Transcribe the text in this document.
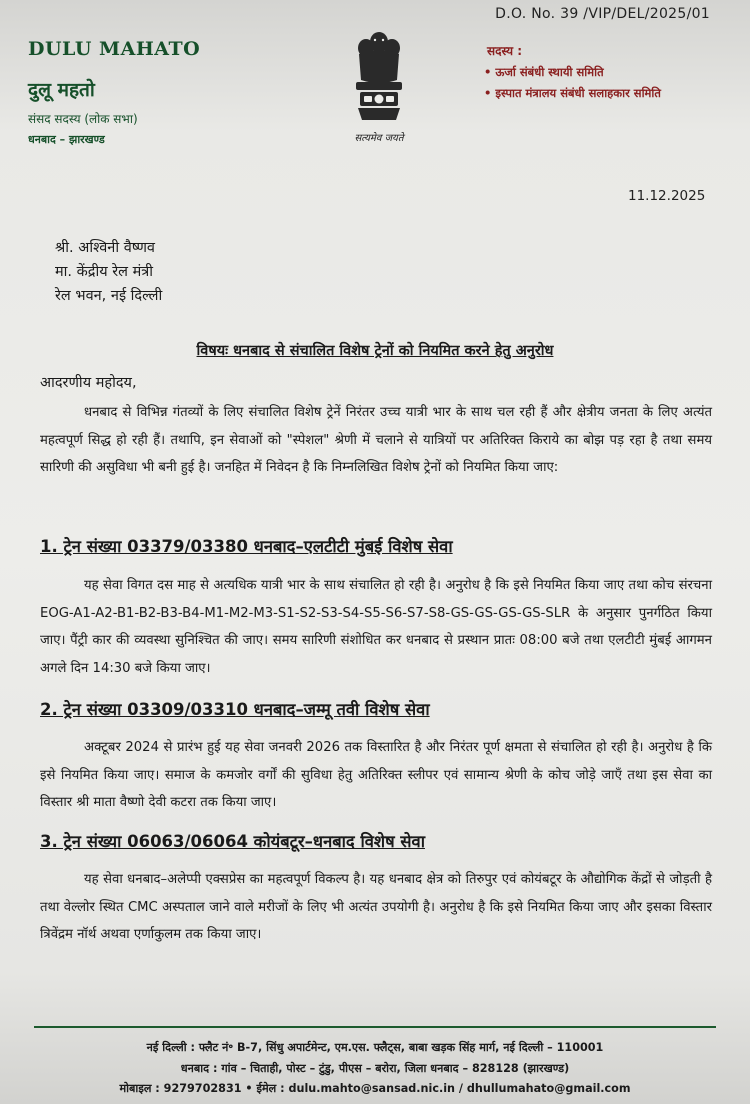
D.O. No. 39 /VIP/DEL/2025/01
DULU MAHATO
दुलू महतो
संसद सदस्य (लोक सभा)
धनबाद – झारखण्ड	सत्यमेव जयते
सदस्य :
• ऊर्जा संबंधी स्थायी समिति
• इस्पात मंत्रालय संबंधी सलाहकार समिति
11.12.2025
श्री. अश्विनी वैष्णव
मा. केंद्रीय रेल मंत्री
रेल भवन, नई दिल्ली
विषयः धनबाद से संचालित विशेष ट्रेनों को नियमित करने हेतु अनुरोध
आदरणीय महोदय,

धनबाद से विभिन्न गंतव्यों के लिए संचालित विशेष ट्रेनें निरंतर उच्च यात्री भार के साथ चल रही हैं और क्षेत्रीय जनता के लिए अत्यंत महत्वपूर्ण सिद्ध हो रही हैं। तथापि, इन सेवाओं को "स्पेशल" श्रेणी में चलाने से यात्रियों पर अतिरिक्त किराये का बोझ पड़ रहा है तथा समय सारिणी की असुविधा भी बनी हुई है। जनहित में निवेदन है कि निम्नलिखित विशेष ट्रेनों को नियमित किया जाए:

1. ट्रेन संख्या 03379/03380 धनबाद–एलटीटी मुंबई विशेष सेवा

यह सेवा विगत दस माह से अत्यधिक यात्री भार के साथ संचालित हो रही है। अनुरोध है कि इसे नियमित किया जाए तथा कोच संरचना EOG-A1-A2-B1-B2-B3-B4-M1-M2-M3-S1-S2-S3-S4-S5-S6-S7-S8-GS-GS-GS-GS-SLR के अनुसार पुनर्गठित किया जाए। पैंट्री कार की व्यवस्था सुनिश्चित की जाए। समय सारिणी संशोधित कर धनबाद से प्रस्थान प्रातः 08:00 बजे तथा एलटीटी मुंबई आगमन अगले दिन 14:30 बजे किया जाए।

2. ट्रेन संख्या 03309/03310 धनबाद–जम्मू तवी विशेष सेवा

अक्टूबर 2024 से प्रारंभ हुई यह सेवा जनवरी 2026 तक विस्तारित है और निरंतर पूर्ण क्षमता से संचालित हो रही है। अनुरोध है कि इसे नियमित किया जाए। समाज के कमजोर वर्गों की सुविधा हेतु अतिरिक्त स्लीपर एवं सामान्य श्रेणी के कोच जोड़े जाएँ तथा इस सेवा का विस्तार श्री माता वैष्णो देवी कटरा तक किया जाए।

3. ट्रेन संख्या 06063/06064 कोयंबटूर–धनबाद विशेष सेवा

यह सेवा धनबाद–अलेप्पी एक्सप्रेस का महत्वपूर्ण विकल्प है। यह धनबाद क्षेत्र को तिरुपुर एवं कोयंबटूर के औद्योगिक केंद्रों से जोड़ती है तथा वेल्लोर स्थित CMC अस्पताल जाने वाले मरीजों के लिए भी अत्यंत उपयोगी है। अनुरोध है कि इसे नियमित किया जाए और इसका विस्तार त्रिवेंद्रम नॉर्थ अथवा एर्णाकुलम तक किया जाए।

नई दिल्ली : फ्लैट नं॰ B-7, सिंधु अपार्टमेन्ट, एम.एस. फ्लैट्स, बाबा खड़क सिंह मार्ग, नई दिल्ली – 110001
धनबाद : गांव – चिताही, पोस्ट – टुंडु, पीएस – बरोरा, जिला धनबाद – 828128 (झारखण्ड)
मोबाइल : 9279702831 • ईमेल : dulu.mahto@sansad.nic.in / dhullumahato@gmail.com
